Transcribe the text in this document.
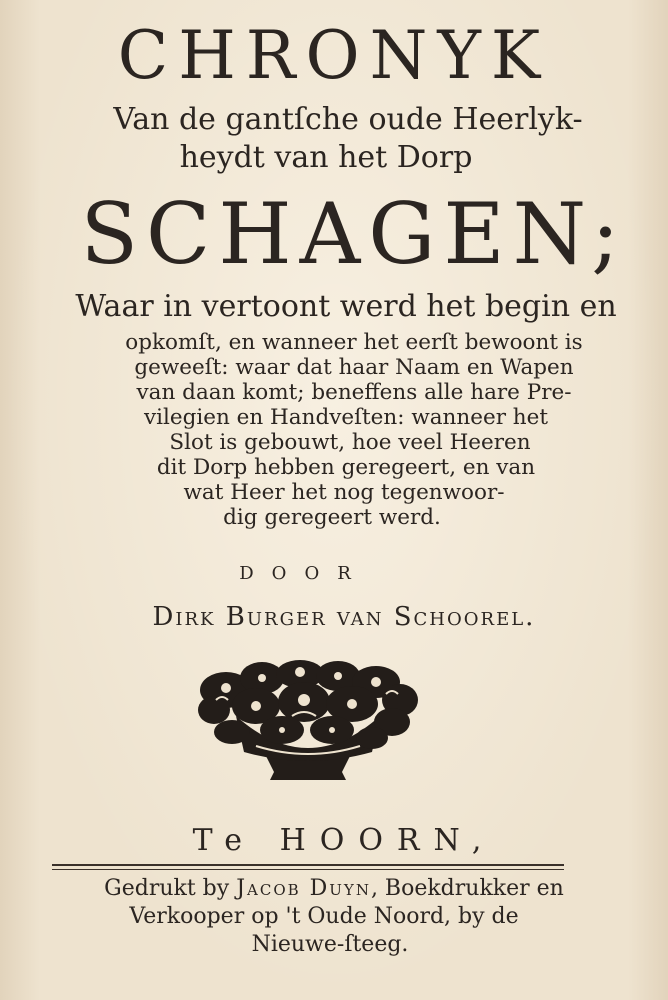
CHRONYK
Van de gantſche oude Heerlyk-
heydt van het Dorp
SCHAGEN;
Waar in vertoont werd het begin en
opkomſt, en wanneer het eerſt bewoont is
geweeſt: waar dat haar Naam en Wapen
van daan komt; beneffens alle hare Pre-
vilegien en Handveſten: wanneer het
Slot is gebouwt, hoe veel Heeren
dit Dorp hebben geregeert, en van
wat Heer het nog tegenwoor-
dig geregeert werd.
DOOR
Dirk Burger van Schoorel.
Te HOORN,
Gedrukt by Jacob Duyn, Boekdrukker en
Verkooper op 't Oude Noord, by de
Nieuwe-ſteeg.
